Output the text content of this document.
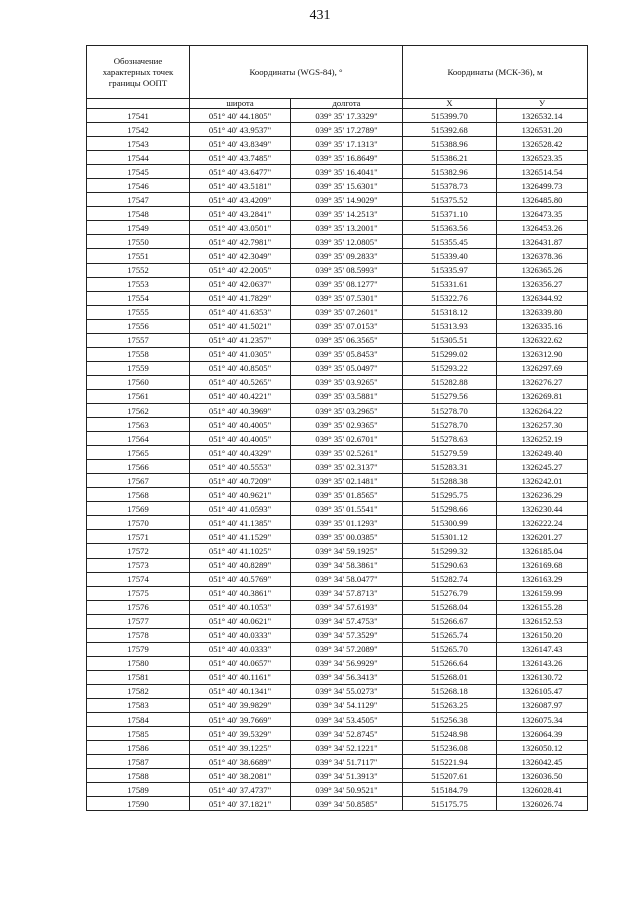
431
Обозначение характерных точек границы ООПТ	Координаты (WGS-84), °		Координаты (МСК-36), м	
	широта	долгота	X	У
17541	051° 40' 44.1805"	039° 35' 17.3329"	515399.70	1326532.14
17542	051° 40' 43.9537"	039° 35' 17.2789"	515392.68	1326531.20
17543	051° 40' 43.8349"	039° 35' 17.1313"	515388.96	1326528.42
17544	051° 40' 43.7485"	039° 35' 16.8649"	515386.21	1326523.35
17545	051° 40' 43.6477"	039° 35' 16.4041"	515382.96	1326514.54
17546	051° 40' 43.5181"	039° 35' 15.6301"	515378.73	1326499.73
17547	051° 40' 43.4209"	039° 35' 14.9029"	515375.52	1326485.80
17548	051° 40' 43.2841"	039° 35' 14.2513"	515371.10	1326473.35
17549	051° 40' 43.0501"	039° 35' 13.2001"	515363.56	1326453.26
17550	051° 40' 42.7981"	039° 35' 12.0805"	515355.45	1326431.87
17551	051° 40' 42.3049"	039° 35' 09.2833"	515339.40	1326378.36
17552	051° 40' 42.2005"	039° 35' 08.5993"	515335.97	1326365.26
17553	051° 40' 42.0637"	039° 35' 08.1277"	515331.61	1326356.27
17554	051° 40' 41.7829"	039° 35' 07.5301"	515322.76	1326344.92
17555	051° 40' 41.6353"	039° 35' 07.2601"	515318.12	1326339.80
17556	051° 40' 41.5021"	039° 35' 07.0153"	515313.93	1326335.16
17557	051° 40' 41.2357"	039° 35' 06.3565"	515305.51	1326322.62
17558	051° 40' 41.0305"	039° 35' 05.8453"	515299.02	1326312.90
17559	051° 40' 40.8505"	039° 35' 05.0497"	515293.22	1326297.69
17560	051° 40' 40.5265"	039° 35' 03.9265"	515282.88	1326276.27
17561	051° 40' 40.4221"	039° 35' 03.5881"	515279.56	1326269.81
17562	051° 40' 40.3969"	039° 35' 03.2965"	515278.70	1326264.22
17563	051° 40' 40.4005"	039° 35' 02.9365"	515278.70	1326257.30
17564	051° 40' 40.4005"	039° 35' 02.6701"	515278.63	1326252.19
17565	051° 40' 40.4329"	039° 35' 02.5261"	515279.59	1326249.40
17566	051° 40' 40.5553"	039° 35' 02.3137"	515283.31	1326245.27
17567	051° 40' 40.7209"	039° 35' 02.1481"	515288.38	1326242.01
17568	051° 40' 40.9621"	039° 35' 01.8565"	515295.75	1326236.29
17569	051° 40' 41.0593"	039° 35' 01.5541"	515298.66	1326230.44
17570	051° 40' 41.1385"	039° 35' 01.1293"	515300.99	1326222.24
17571	051° 40' 41.1529"	039° 35' 00.0385"	515301.12	1326201.27
17572	051° 40' 41.1025"	039° 34' 59.1925"	515299.32	1326185.04
17573	051° 40' 40.8289"	039° 34' 58.3861"	515290.63	1326169.68
17574	051° 40' 40.5769"	039° 34' 58.0477"	515282.74	1326163.29
17575	051° 40' 40.3861"	039° 34' 57.8713"	515276.79	1326159.99
17576	051° 40' 40.1053"	039° 34' 57.6193"	515268.04	1326155.28
17577	051° 40' 40.0621"	039° 34' 57.4753"	515266.67	1326152.53
17578	051° 40' 40.0333"	039° 34' 57.3529"	515265.74	1326150.20
17579	051° 40' 40.0333"	039° 34' 57.2089"	515265.70	1326147.43
17580	051° 40' 40.0657"	039° 34' 56.9929"	515266.64	1326143.26
17581	051° 40' 40.1161"	039° 34' 56.3413"	515268.01	1326130.72
17582	051° 40' 40.1341"	039° 34' 55.0273"	515268.18	1326105.47
17583	051° 40' 39.9829"	039° 34' 54.1129"	515263.25	1326087.97
17584	051° 40' 39.7669"	039° 34' 53.4505"	515256.38	1326075.34
17585	051° 40' 39.5329"	039° 34' 52.8745"	515248.98	1326064.39
17586	051° 40' 39.1225"	039° 34' 52.1221"	515236.08	1326050.12
17587	051° 40' 38.6689"	039° 34' 51.7117"	515221.94	1326042.45
17588	051° 40' 38.2081"	039° 34' 51.3913"	515207.61	1326036.50
17589	051° 40' 37.4737"	039° 34' 50.9521"	515184.79	1326028.41
17590	051° 40' 37.1821"	039° 34' 50.8585"	515175.75	1326026.74
